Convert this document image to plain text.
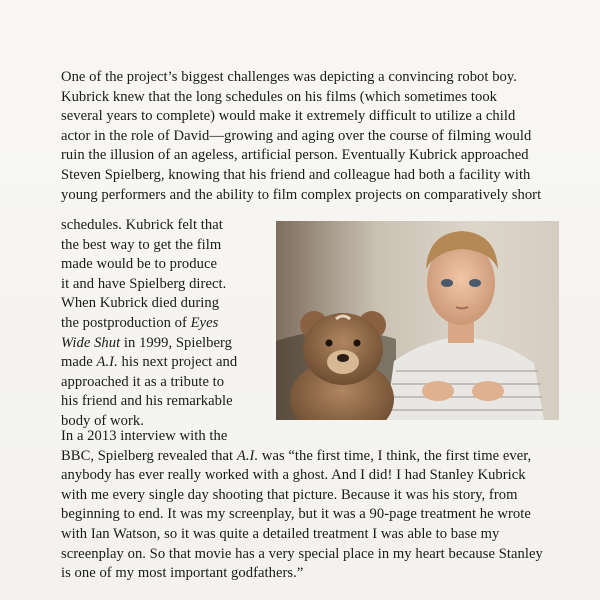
One of the project’s biggest challenges was depicting a convincing robot boy.
Kubrick knew that the long schedules on his films (which sometimes took
several years to complete) would make it extremely difficult to utilize a child
actor in the role of David—growing and aging over the course of filming would
ruin the illusion of an ageless, artificial person. Eventually Kubrick approached
Steven Spielberg, knowing that his friend and colleague had both a facility with
young performers and the ability to film complex projects on comparatively short
schedules. Kubrick felt that
the best way to get the film
made would be to produce
it and have Spielberg direct.
When Kubrick died during
the postproduction of Eyes
Wide Shut in 1999, Spielberg
made A.I. his next project and
approached it as a tribute to
his friend and his remarkable
body of work.
In a 2013 interview with the
BBC, Spielberg revealed that A.I. was “the first time, I think, the first time ever,
anybody has ever really worked with a ghost. And I did! I had Stanley Kubrick
with me every single day shooting that picture. Because it was his story, from
beginning to end. It was my screenplay, but it was a 90-page treatment he wrote
with Ian Watson, so it was quite a detailed treatment I was able to base my
screenplay on. So that movie has a very special place in my heart because Stanley
is one of my most important godfathers.”
